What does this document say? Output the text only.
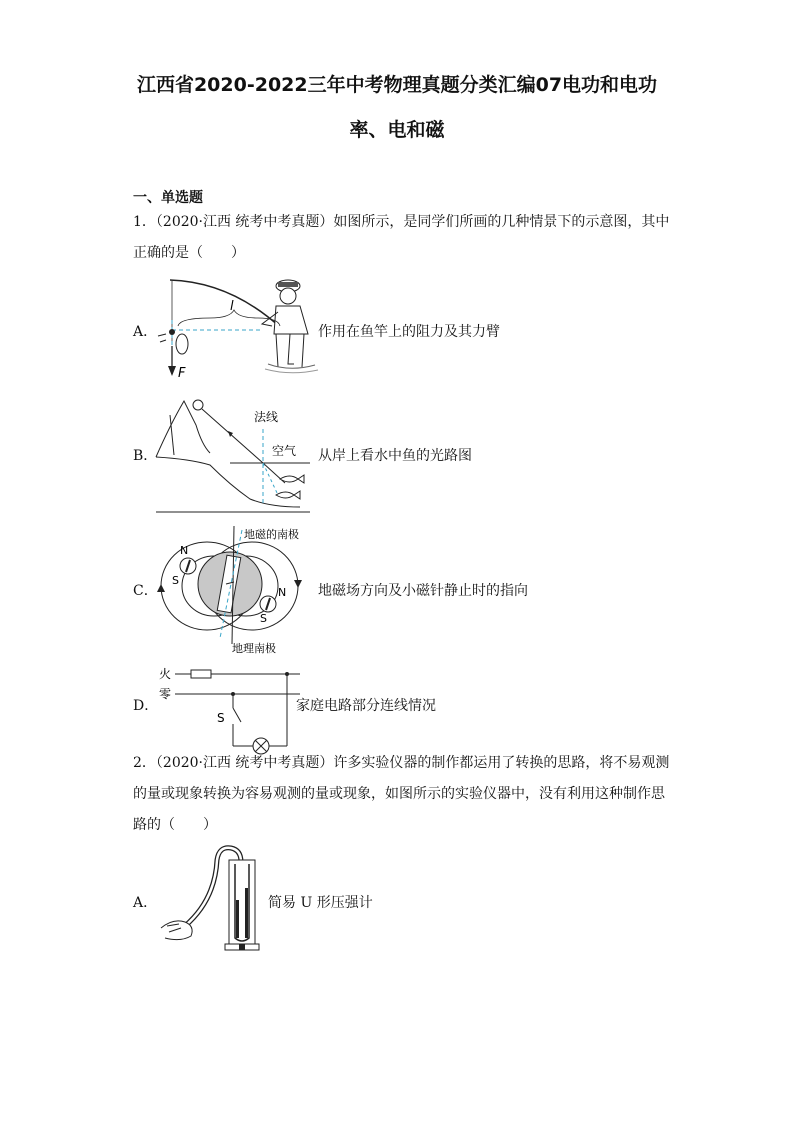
江西省2020-2022三年中考物理真题分类汇编07电功和电功
率、电和磁
一、单选题
1．（2020·江西 统考中考真题）如图所示，是同学们所画的几种情景下的示意图，其中
正确的是（　　）
A．
l
F
作用在鱼竿上的阻力及其力臂
B．
法线
空气 从岸上看水中鱼的光路图
C．
N
S
N
S
地磁的南极
地理南极
地磁场方向及小磁针静止时的指向
D．
火
零
S
家庭电路部分连线情况
2．（2020·江西 统考中考真题）许多实验仪器的制作都运用了转换的思路，将不易观测
的量或现象转换为容易观测的量或现象，如图所示的实验仪器中，没有利用这种制作思
路的（　　）
A．	简易 U 形压强计
